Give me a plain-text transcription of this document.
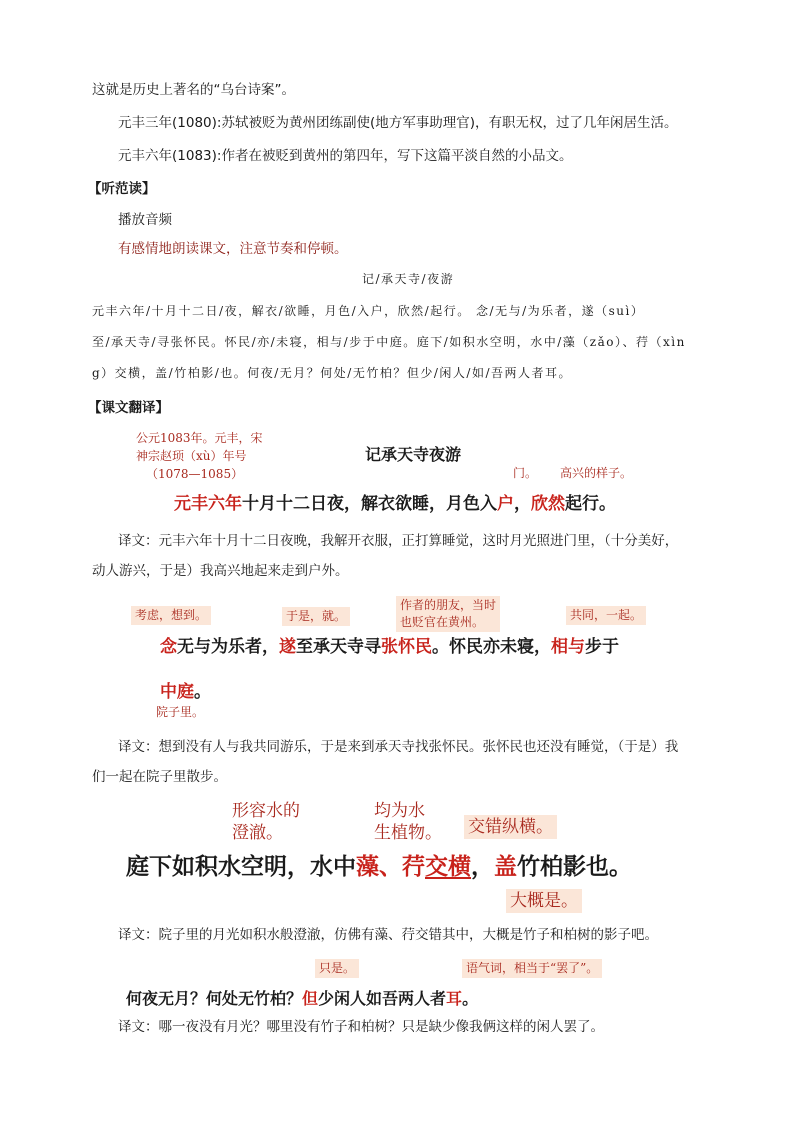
这就是历史上著名的“乌台诗案”。
元丰三年(1080):苏轼被贬为黄州团练副使(地方军事助理官)，有职无权，过了几年闲居生活。
元丰六年(1083):作者在被贬到黄州的第四年，写下这篇平淡自然的小品文。
【听范读】
播放音频
有感情地朗读课文，注意节奏和停顿。
记/承天寺/夜游
元丰六年/十月十二日/夜，解衣/欲睡，月色/入户，欣然/起行。 念/无与/为乐者，遂（suì）
至/承天寺/寻张怀民。怀民/亦/未寝，相与/步于中庭。庭下/如积水空明，水中/藻（zǎo）、荇（xìn
g）交横，盖/竹柏影/也。何夜/无月？何处/无竹柏？但少/闲人/如/吾两人者耳。
【课文翻译】
公元1083年。元丰，宋
神宗赵顼（xù）年号
（1078—1085）
记承天寺夜游
门。 高兴的样子。
元丰六年十月十二日夜，解衣欲睡，月色入户，欣然起行。
译文：元丰六年十月十二日夜晚，我解开衣服，正打算睡觉，这时月光照进门里，（十分美好，
动人游兴，于是）我高兴地起来走到户外。
考虑，想到。	于是，就。
作者的朋友，当时
也贬官在黄州。	共同，一起。
念无与为乐者，遂至承天寺寻张怀民。怀民亦未寝，相与步于
中庭。
院子里。
译文：想到没有人与我共同游乐，于是来到承天寺找张怀民。张怀民也还没有睡觉，（于是）我
们一起在院子里散步。
形容水的
澄澈。
均为水
生植物。 交错纵横。
庭下如积水空明，水中藻、荇交横，盖竹柏影也。
大概是。
译文：院子里的月光如积水般澄澈，仿佛有藻、荇交错其中，大概是竹子和柏树的影子吧。
只是。	语气词，相当于“罢了”。
何夜无月？何处无竹柏？但少闲人如吾两人者耳。
译文：哪一夜没有月光？哪里没有竹子和柏树？只是缺少像我俩这样的闲人罢了。
